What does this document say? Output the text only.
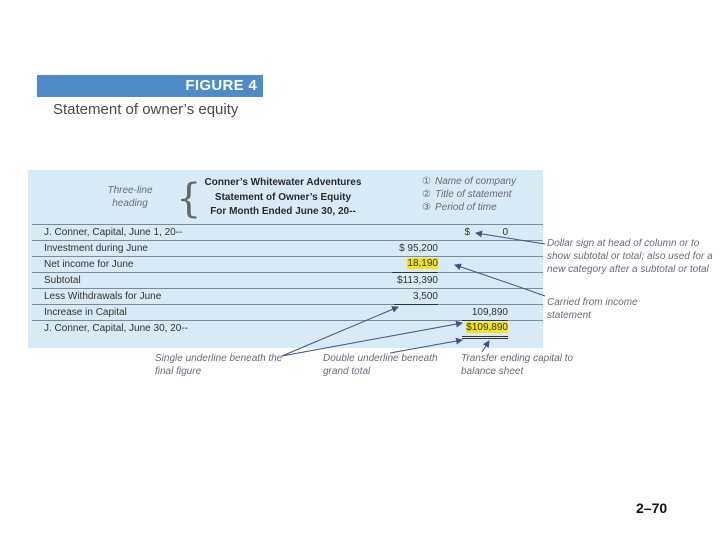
FIGURE 4
Statement of owner’s equity
Three-line heading { Conner’s Whitewater Adventures
Statement of Owner’s Equity
For Month Ended June 30, 20--
① Name of company
② Title of statement
③ Period of time
J. Conner, Capital, June 1, 20--	$	0
Investment during June	$ 95,200
Net income for June	18,190
Subtotal	$113,390
Less Withdrawals for June	3,500
Increase in Capital	109,890
J. Conner, Capital, June 30, 20--	$109,890
Dollar sign at head of column or to show subtotal or total; also used for a new category after a subtotal or total
Carried from income statement
Single underline beneath the final figure
Double underline beneath grand total
Transfer ending capital to balance sheet
2–70
